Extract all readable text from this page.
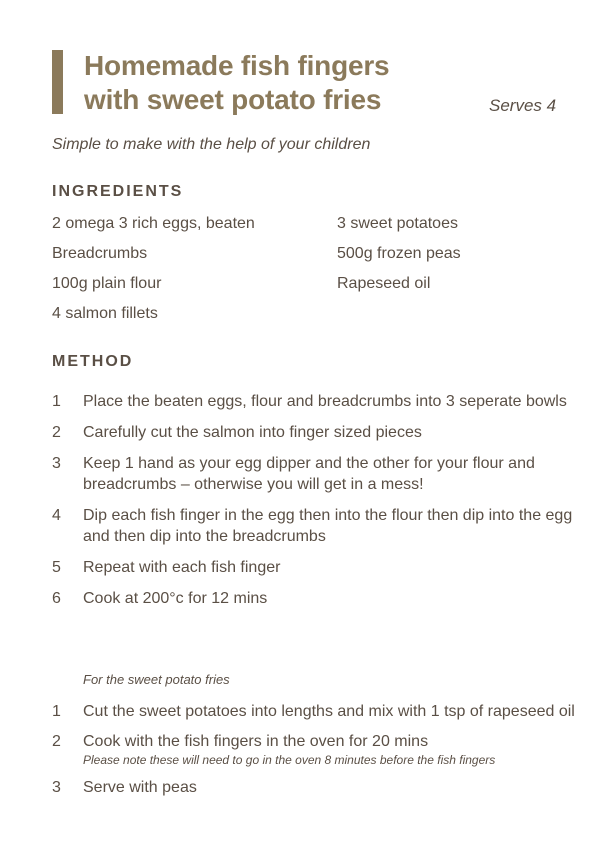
Homemade fish fingers
with sweet potato fries	Serves 4
Simple to make with the help of your children
INGREDIENTS
2 omega 3 rich eggs, beaten
Breadcrumbs
100g plain flour
4 salmon fillets
3 sweet potatoes
500g frozen peas
Rapeseed oil
METHOD
1	Place the beaten eggs, flour and breadcrumbs into 3 seperate bowls
2	Carefully cut the salmon into finger sized pieces
3	Keep 1 hand as your egg dipper and the other for your flour and breadcrumbs – otherwise you will get in a mess!
4	Dip each fish finger in the egg then into the flour then dip into the egg and then dip into the breadcrumbs
5	Repeat with each fish finger
6	Cook at 200°c for 12 mins
For the sweet potato fries
1	Cut the sweet potatoes into lengths and mix with 1 tsp of rapeseed oil
2	Cook with the fish fingers in the oven for 20 mins
Please note these will need to go in the oven 8 minutes before the fish fingers
3	Serve with peas
